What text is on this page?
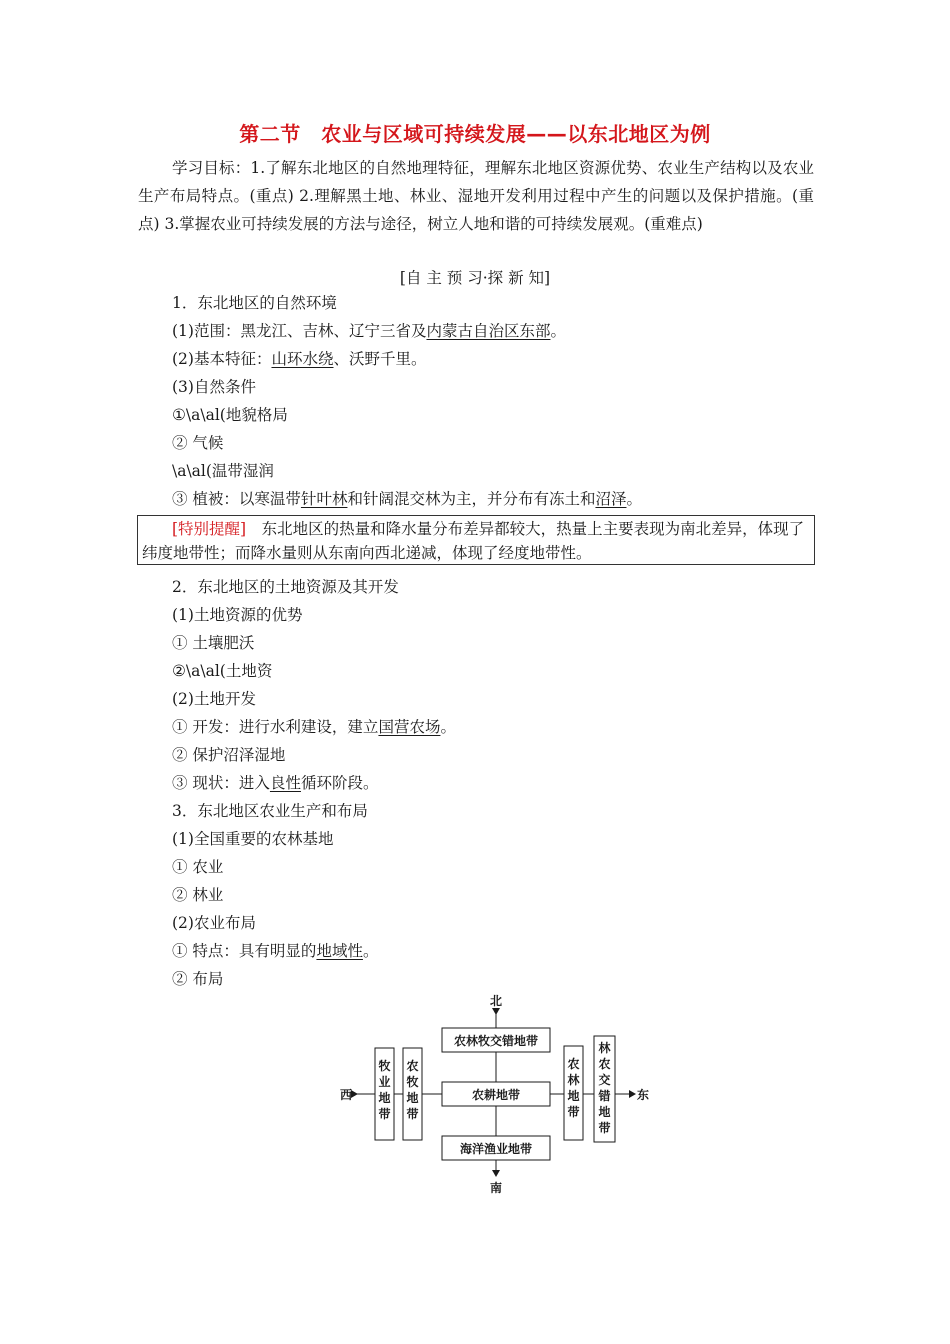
第二节　农业与区域可持续发展——以东北地区为例
学习目标：1.了解东北地区的自然地理特征，理解东北地区资源优势、农业生产结构以及农业生产布局特点。(重点) 2.理解黑土地、林业、湿地开发利用过程中产生的问题以及保护措施。(重点) 3.掌握农业可持续发展的方法与途径，树立人地和谐的可持续发展观。(重难点)
[自 主 预 习·探 新 知]
1．东北地区的自然环境
(1)范围：黑龙江、吉林、辽宁三省及内蒙古自治区东部。
(2)基本特征：山环水绕、沃野千里。
(3)自然条件
①\a\al(地貌格局
② 气候
\a\al(温带湿润
③ 植被：以寒温带针叶林和针阔混交林为主，并分布有冻土和沼泽。
[特别提醒]　东北地区的热量和降水量分布差异都较大，热量上主要表现为南北差异，体现了纬度地带性；而降水量则从东南向西北递减，体现了经度地带性。
2．东北地区的土地资源及其开发
(1)土地资源的优势
① 土壤肥沃
②\a\al(土地资
(2)土地开发
① 开发：进行水利建设，建立国营农场。
② 保护沼泽湿地
③ 现状：进入良性循环阶段。
3．东北地区农业生产和布局
(1)全国重要的农林基地
① 农业
② 林业
(2)农业布局
① 特点：具有明显的地域性。
② 布局
北
南
西	东
农林牧交错地带
农耕地带
海洋渔业地带
牧
业
地
带
农
牧
地
带
农
林
地
带
林
农
交
错
地
带
